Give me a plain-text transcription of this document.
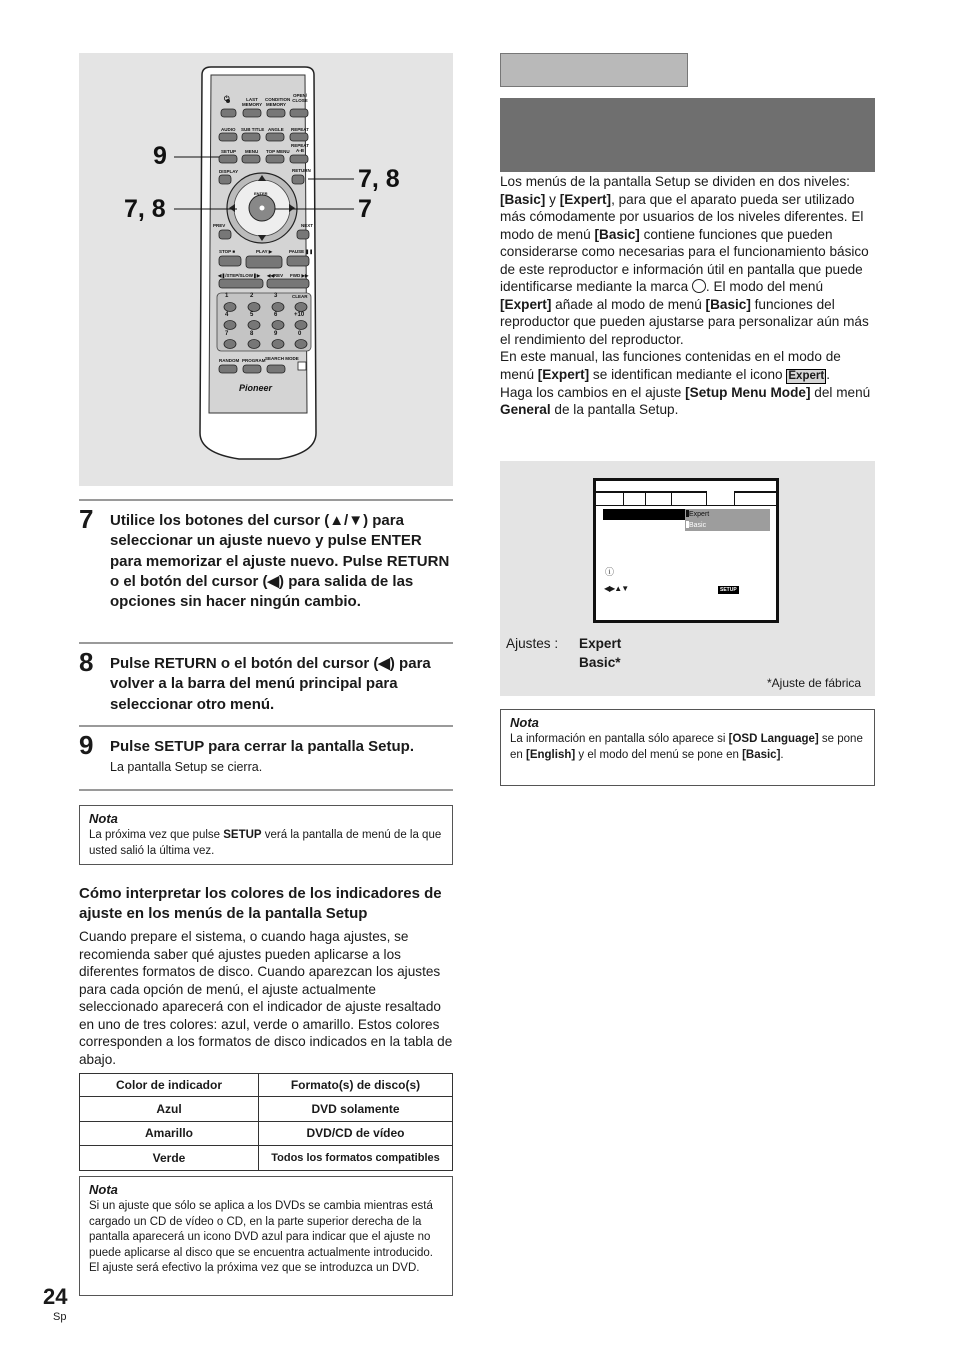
⏻	LAST
MEMORY
CONDITION
MEMORY
OPEN/
CLOSE
AUDIO SUB TITLE ANGLE REPEAT
SETUP MENU TOP MENU
REPEAT
A-B
DISPLAY	RETURN
ENTER
PREV	NEXT
STOP ■	PLAY ▶	PAUSE ❚❚
◀❚/STEP/SLOW❚▶ ◀◀REV FWD ▶▶
1	2	3	CLEAR
4	5	6	+10
7	8	9	0
RANDOM PROGRAM SEARCH MODE
Pioneer
9
7, 8
7, 8	7
7 Utilice los botones del cursor (▲/▼) para seleccionar un ajuste nuevo y pulse ENTER para memorizar el ajuste nuevo. Pulse RETURN o el botón del cursor (◀) para salida de las opciones sin hacer ningún cambio.
8 Pulse RETURN o el botón del cursor (◀) para volver a la barra del menú principal para seleccionar otro menú.
9 Pulse SETUP para cerrar la pantalla Setup.
La pantalla Setup se cierra.
Nota
La próxima vez que pulse SETUP verá la pantalla de menú de la que usted salió la última vez.
Cómo interpretar los colores de los indicadores de ajuste en los menús de la pantalla Setup
Cuando prepare el sistema, o cuando haga ajustes, se recomienda saber qué ajustes pueden aplicarse a los diferentes formatos de disco. Cuando aparezcan los ajustes para cada opción de menú, el ajuste actualmente seleccionado aparecerá con el indicador de ajuste resaltado en uno de tres colores: azul, verde o amarillo. Estos colores corresponden a los formatos de disco indicados en la tabla de abajo.
Color de indicador	Formato(s) de disco(s)
Azul	DVD solamente
Amarillo	DVD/CD de vídeo
Verde	Todos los formatos compatibles
Nota
Si un ajuste que sólo se aplica a los DVDs se cambia mientras está cargado un CD de vídeo o CD, en la parte superior derecha de la pantalla aparecerá un icono DVD azul para indicar que el ajuste no puede aplicarse al disco que se encuentra actualmente introducido. El ajuste será efectivo la próxima vez que se introduzca un DVD.
24
Sp
Los menús de la pantalla Setup se dividen en dos niveles: [Basic] y [Expert], para que el aparato pueda ser utilizado más cómodamente por usuarios de los niveles diferentes. El modo de menú [Basic] contiene funciones que pueden considerarse como necesarias para el funcionamiento básico de este reproductor e información útil en pantalla que puede identificarse mediante la marca . El modo del menú [Expert] añade al modo de menú [Basic] funciones del reproductor que pueden ajustarse para personalizar aún más el rendimiento del reproductor.
En este manual, las funciones contenidas en el modo de menú [Expert] se identifican mediante el icono Expert .
Haga los cambios en el ajuste [Setup Menu Mode] del menú General de la pantalla Setup.
Expert
Basic
ⓘ
◀▶▲▼	SETUP
Ajustes : Expert
Basic*
*Ajuste de fábrica
Nota
La información en pantalla sólo aparece si [OSD Language] se pone en [English] y el modo del menú se pone en [Basic].
